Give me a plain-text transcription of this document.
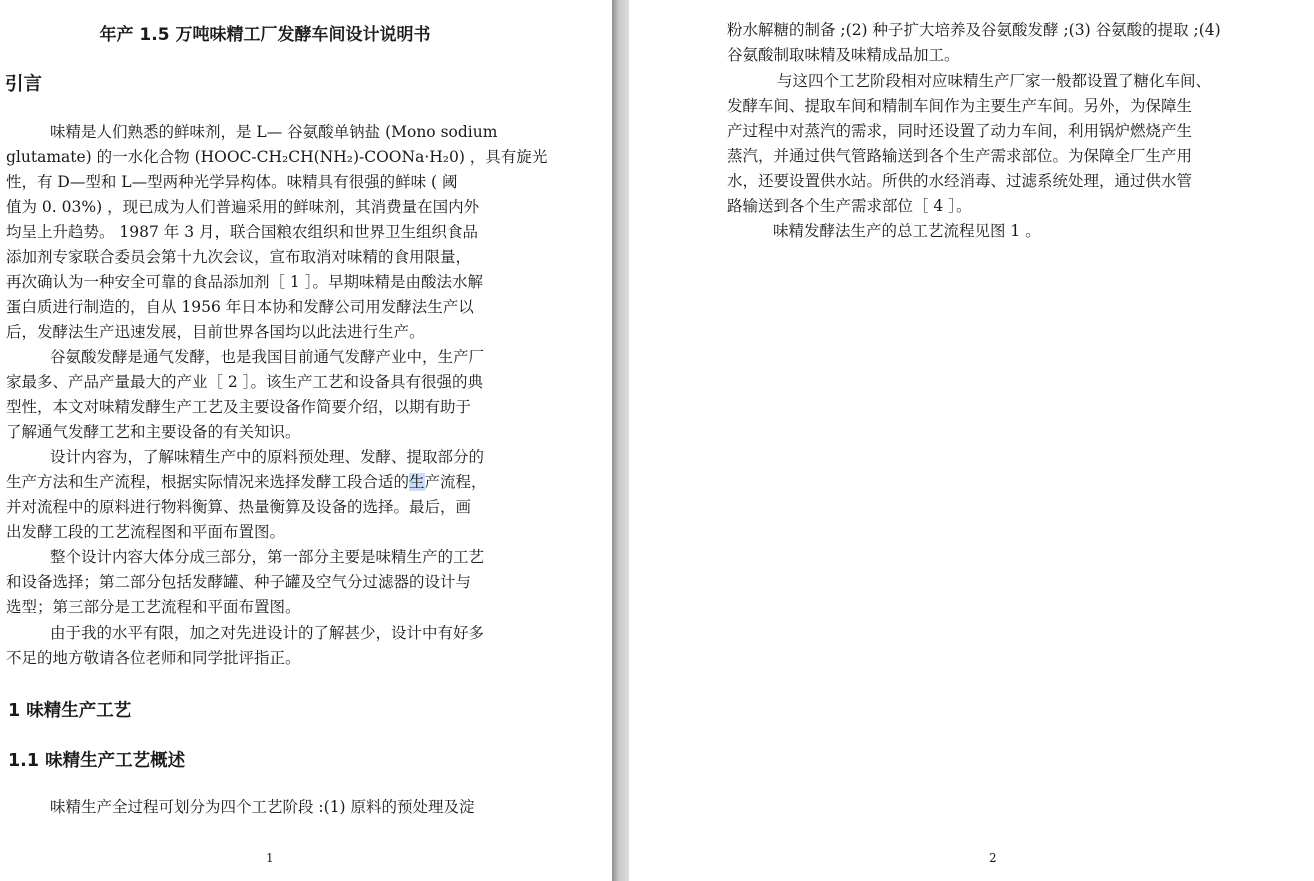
年产 1.5 万吨味精工厂发酵车间设计说明书
引言
味精是人们熟悉的鲜味剂，是 L— 谷氨酸单钠盐 (Mono sodium
glutamate) 的一水化合物 (HOOC-CH₂CH(NH₂)-COONa·H₂0) ，具有旋光
性，有 D—型和 L—型两种光学异构体。味精具有很强的鲜味 ( 阈
值为 0. 03%) ，现已成为人们普遍采用的鲜味剂，其消费量在国内外
均呈上升趋势。 1987 年 3 月，联合国粮农组织和世界卫生组织食品
添加剂专家联合委员会第十九次会议，宣布取消对味精的食用限量，
再次确认为一种安全可靠的食品添加剂［ 1 ］。早期味精是由酸法水解
蛋白质进行制造的，自从 1956 年日本协和发酵公司用发酵法生产以
后，发酵法生产迅速发展，目前世界各国均以此法进行生产。
谷氨酸发酵是通气发酵，也是我国目前通气发酵产业中，生产厂
家最多、产品产量最大的产业［ 2 ］。该生产工艺和设备具有很强的典
型性，本文对味精发酵生产工艺及主要设备作简要介绍，以期有助于
了解通气发酵工艺和主要设备的有关知识。
设计内容为，了解味精生产中的原料预处理、发酵、提取部分的
生产方法和生产流程，根据实际情况来选择发酵工段合适的生产流程，
并对流程中的原料进行物料衡算、热量衡算及设备的选择。最后，画
出发酵工段的工艺流程图和平面布置图。
整个设计内容大体分成三部分，第一部分主要是味精生产的工艺
和设备选择；第二部分包括发酵罐、种子罐及空气分过滤器的设计与
选型；第三部分是工艺流程和平面布置图。
由于我的水平有限，加之对先进设计的了解甚少，设计中有好多
不足的地方敬请各位老师和同学批评指正。
1 味精生产工艺
1.1 味精生产工艺概述
味精生产全过程可划分为四个工艺阶段 :(1) 原料的预处理及淀
1
粉水解糖的制备 ;(2) 种子扩大培养及谷氨酸发酵 ;(3) 谷氨酸的提取 ;(4)
谷氨酸制取味精及味精成品加工。
与这四个工艺阶段相对应味精生产厂家一般都设置了糖化车间、
发酵车间、提取车间和精制车间作为主要生产车间。另外，为保障生
产过程中对蒸汽的需求，同时还设置了动力车间，利用锅炉燃烧产生
蒸汽，并通过供气管路输送到各个生产需求部位。为保障全厂生产用
水，还要设置供水站。所供的水经消毒、过滤系统处理，通过供水管
路输送到各个生产需求部位［ 4 ］。
味精发酵法生产的总工艺流程见图 1 。
2
